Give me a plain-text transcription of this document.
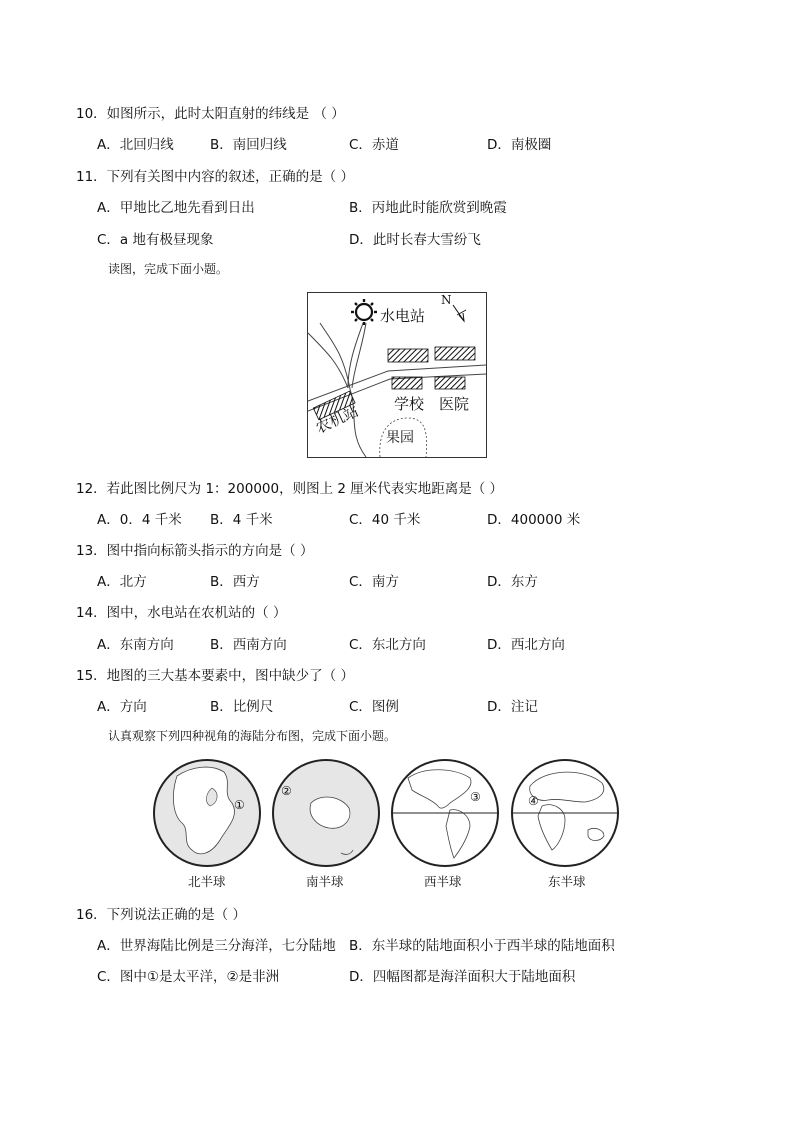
10．如图所示，此时太阳直射的纬线是 （ ）
A．北回归线	B．南回归线	C．赤道	D．南极圈
11．下列有关图中内容的叙述，正确的是（ ）
A．甲地比乙地先看到日出	B．丙地此时能欣赏到晚霞
C．a 地有极昼现象	D．此时长春大雪纷飞
读图，完成下面小题。
水电站
N
学校 医院
农机站
果园
12．若此图比例尺为 1：200000，则图上 2 厘米代表实地距离是（ ）
A．0．4 千米 B．4 千米	C．40 千米	D．400000 米
13．图中指向标箭头指示的方向是（ ）
A．北方	B．西方	C．南方	D．东方
14．图中，水电站在农机站的（ ）
A．东南方向	B．西南方向	C．东北方向	D．西北方向
15．地图的三大基本要素中，图中缺少了（ ）
A．方向	B．比例尺	C．图例	D．注记
认真观察下列四种视角的海陆分布图，完成下面小题。
①
北半球
②
南半球
③
西半球
④
东半球
16．下列说法正确的是（ ）
A．世界海陆比例是三分海洋，七分陆地 B．东半球的陆地面积小于西半球的陆地面积
C．图中①是太平洋，②是非洲	D．四幅图都是海洋面积大于陆地面积
